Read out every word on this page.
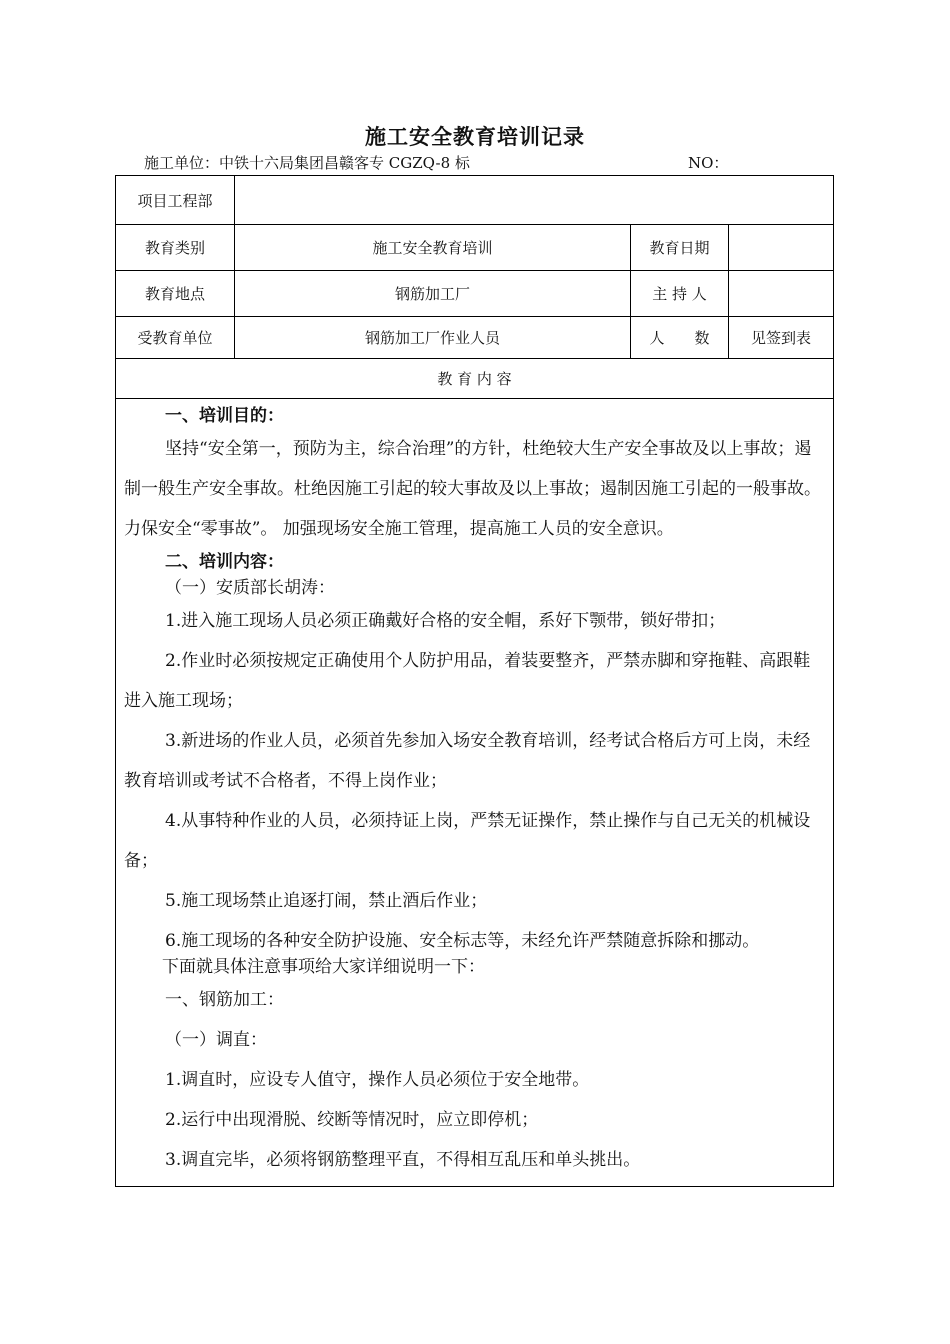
施工安全教育培训记录
施工单位：中铁十六局集团昌赣客专 CGZQ-8 标	NO：
项目工程部
教育类别	施工安全教育培训	教育日期
教育地点	钢筋加工厂	主 持 人
受教育单位	钢筋加工厂作业人员	人　　数	见签到表
教 育 内 容

一、培训目的：

坚持“安全第一，预防为主，综合治理”的方针，杜绝较大生产安全事故及以上事故；遏制一般生产安全事故。杜绝因施工引起的较大事故及以上事故；遏制因施工引起的一般事故。力保安全“零事故”。 加强现场安全施工管理，提高施工人员的安全意识。

二、培训内容：

（一）安质部长胡涛：

1.进入施工现场人员必须正确戴好合格的安全帽，系好下颚带，锁好带扣；

2.作业时必须按规定正确使用个人防护用品，着装要整齐，严禁赤脚和穿拖鞋、高跟鞋进入施工现场；

3.新进场的作业人员，必须首先参加入场安全教育培训，经考试合格后方可上岗，未经教育培训或考试不合格者，不得上岗作业；

4.从事特种作业的人员，必须持证上岗，严禁无证操作，禁止操作与自己无关的机械设备；

5.施工现场禁止追逐打闹，禁止酒后作业；

6.施工现场的各种安全防护设施、安全标志等，未经允许严禁随意拆除和挪动。

下面就具体注意事项给大家详细说明一下：

一、钢筋加工：

（一）调直：

1.调直时，应设专人值守，操作人员必须位于安全地带。

2.运行中出现滑脱、绞断等情况时，应立即停机；

3.调直完毕，必须将钢筋整理平直，不得相互乱压和单头挑出。
